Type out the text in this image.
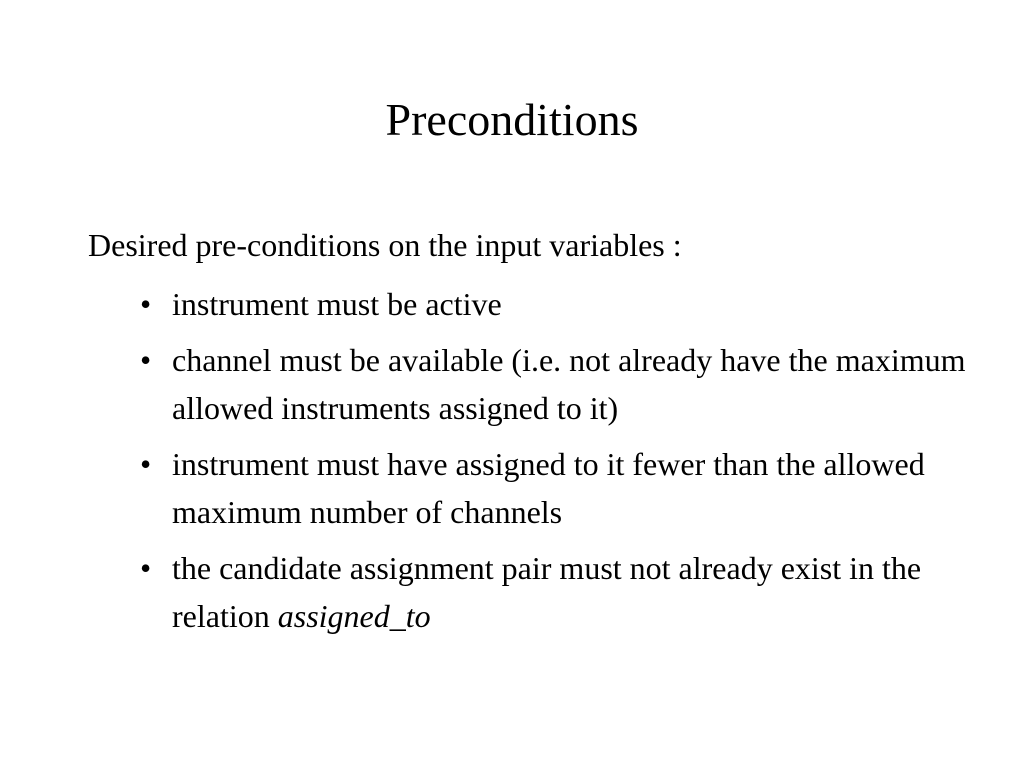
Preconditions

Desired pre-conditions on the input variables :

• instrument must be active
• channel must be available (i.e. not already have the maximum allowed instruments assigned to it)
• instrument must have assigned to it fewer than the allowed maximum number of channels
• the candidate assignment pair must not already exist in the relation assigned_to
